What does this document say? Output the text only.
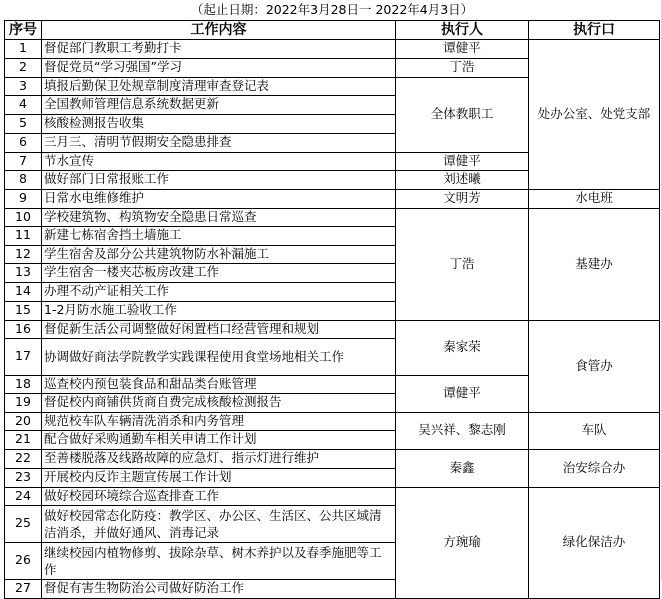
（起止日期：2022年3月28日一 2022年4月3日）			
序号	工作内容	执行人	执行口
1	督促部门教职工考勤打卡	谭健平	处办公室、处党支部
2	督促党员“学习强国”学习	丁浩	
3	填报后勤保卫处规章制度清理审查登记表	全体教职工	
4	全国教师管理信息系统数据更新		
5	核酸检测报告收集		
6	三月三、清明节假期安全隐患排查		
7	节水宣传	谭健平	
8	做好部门日常报账工作	刘述曦	
9	日常水电维修维护	文明芳	水电班
10	学校建筑物、构筑物安全隐患日常巡查	丁浩	基建办
11	新建七栋宿舍挡土墙施工		
12	学生宿舍及部分公共建筑物防水补漏施工		
13	学生宿舍一楼夹芯板房改建工作		
14	办理不动产证相关工作		
15	1-2月防水施工验收工作		
16	督促新生活公司调整做好闲置档口经营管理和规划	秦家荣	食管办
17	协调做好商法学院教学实践课程使用食堂场地相关工作		
18	巡查校内预包装食品和甜品类台账管理	谭健平	
19	督促校内商铺供货商自费完成核酸检测报告		
20	规范校车队车辆清洗消杀和内务管理	吴兴祥、黎志刚	车队
21	配合做好采购通勤车相关申请工作计划		
22	至善楼脱落及线路故障的应急灯、指示灯进行维护	秦鑫	治安综合办
23	开展校内反诈主题宣传展工作计划		
24	做好校园环境综合巡查排查工作	方琬瑜	绿化保洁办
25	做好校园常态化防疫：教学区、办公区、生活区、公共区域清洁消杀，并做好通风、消毒记录		
26	继续校园内植物修剪、拔除杂草、树木养护以及春季施肥等工作		
27	督促有害生物防治公司做好防治工作		
